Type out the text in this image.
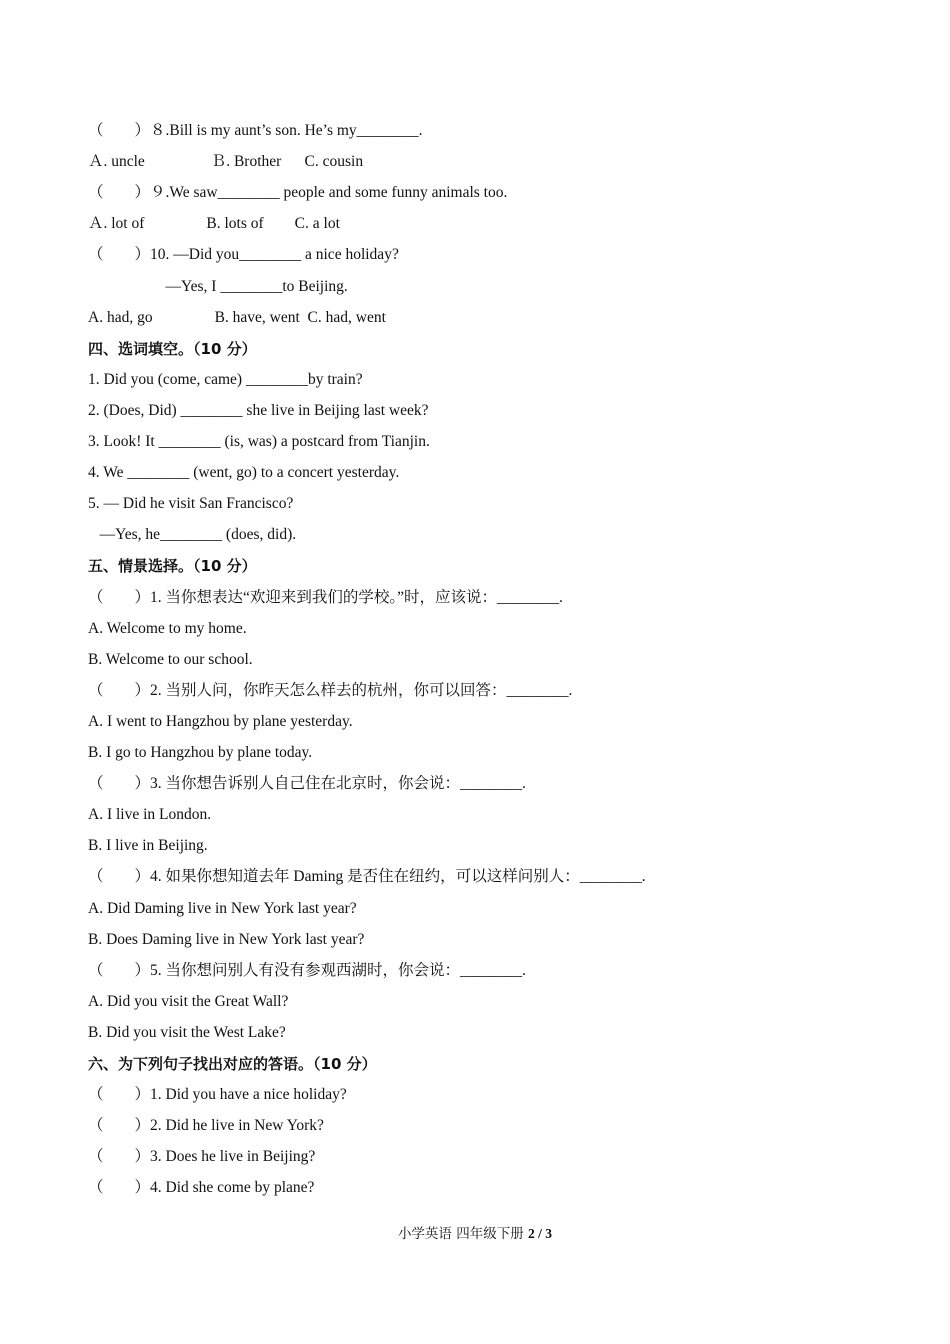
（　　）８.Bill is my aunt’s son. He’s my________.
Ａ. uncle                 Ｂ. Brother      C. cousin
（　　）９.We saw________ people and some funny animals too.
Ａ. lot of                B. lots of        C. a lot
（　　）10. —Did you________ a nice holiday?
—Yes, I ________to Beijing.
A. had, go                B. have, went  C. had, went
四、选词填空。（10 分）
1. Did you (come, came) ________by train?
2. (Does, Did) ________ she live in Beijing last week?
3. Look! It ________ (is, was) a postcard from Tianjin.
4. We ________ (went, go) to a concert yesterday.
5. — Did he visit San Francisco?
—Yes, he________ (does, did).
五、情景选择。（10 分）
（　　）1. 当你想表达“欢迎来到我们的学校。”时，应该说：________.
A. Welcome to my home.
B. Welcome to our school.
（　　）2. 当别人问，你昨天怎么样去的杭州，你可以回答：________.
A. I went to Hangzhou by plane yesterday.
B. I go to Hangzhou by plane today.
（　　）3. 当你想告诉别人自己住在北京时，你会说：________.
A. I live in London.
B. I live in Beijing.
（　　）4. 如果你想知道去年 Daming 是否住在纽约，可以这样问别人：________.
A. Did Daming live in New York last year?
B. Does Daming live in New York last year?
（　　）5. 当你想问别人有没有参观西湖时，你会说：________.
A. Did you visit the Great Wall?
B. Did you visit the West Lake?
六、为下列句子找出对应的答语。（10 分）
（　　）1. Did you have a nice holiday?
（　　）2. Did he live in New York?
（　　）3. Does he live in Beijing?
（　　）4. Did she come by plane?
小学英语 四年级下册 2 / 3
